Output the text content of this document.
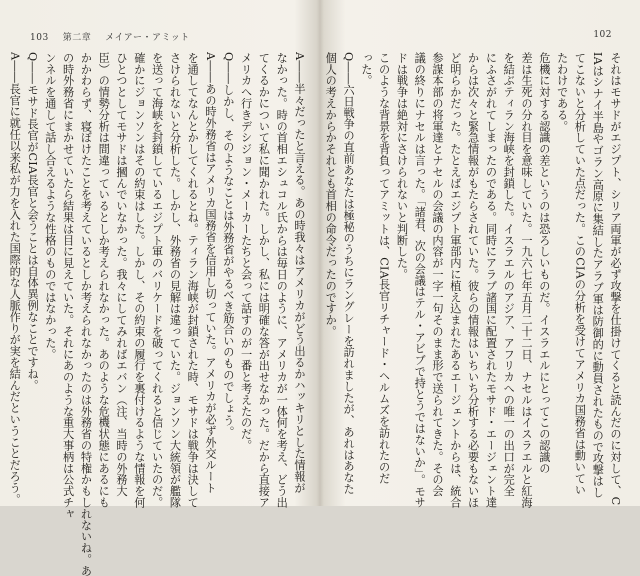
103 第二章 メイアー・アミット
A――半々だったと言える。あの時我々はアメリカがどう出るかハッキリとした情報が
なかった。時の首相エシュコル氏からは毎日のように、アメリカが一体何を考え、どう出
てくるかについて私に聞かれた。しかし、私には明確な答が出せなかった。だから直接ア
メリカへ行きデシジョン・メーカーたちと会って話すのが一番と考えたのだ。
Q――しかし、そのようなことは外務省がやるべき筋合いのものでしょう。
A――あの時外務省はアメリカ国務省を信用し切っていた。アメリカが必ず外交ルート
を通してなんとかしてくれるとね。ティラン海峡が封鎖された時、モサドは戦争は決して
さけられないと分析した。しかし、外務省の見解は違っていた。ジョンソン大統領が艦隊
を送って海峡を封鎖しているエジプト軍のバリケードを破ってくれると信じていたのだ。
確かにジョンソンはその約束はした。しかし、その約束の履行を裏付けるような情報を何
ひとつとしてモサドは摑んでいなかった。我々にしてみればエバン（注、当時の外務大
臣）の情勢分析は間違っているとしか考えられなかった。あのような危機状態にあるにも
かかわらず、寝ぼけたことを考えているとしか考えられなかったのは外務省の特権かもしれないね。あ
の時外務省にまかせていたら結果は目に見えていた。それにあのような重大事柄は公式チャ
ンネルを通して話し合えるような性格のものではなかった。
Q――モサド長官がCIA長官と会うことは自体異例なことですね。
A――長官に就任以来私が力を入れた国際的な人脈作りが実を結んだということだろう。
102
それはモサドがエジプト、シリア両軍が必ず攻撃を仕掛けてくると読んだのに対して、C
IAはシナイ半島やゴラン高原に集結したアラブ軍は防御的に動員されたもので攻撃はし
てこないと分析していた点だった。このCIAの分析を受けてアメリカ国務省は動いてい
たわけである。
危機に対する認識の差というのは恐ろしいものだ。イスラエルにとってこの認識の
差は生死の分れ目を意味していた。一九六七年五月二十二日、ナセルはイスラエルと紅海
を結ぶティラン海峡を封鎖した。イスラエルのアジア、アフリカへの唯一の出口が完全
にふさがれてしまったのである。同時にアラブ諸国に配置されたモサド・エージェント達
からは次々と緊急情報がもたらされていた。彼らの情報はいちいち分析する必要もないほ
ど明らかだった。たとえばエジプト軍部内に植え込まれたあるエージェントからは、統合
参謀本部の将軍達とナセルの会議の内容が一字一句そのまま形で送られてきた。その会
議の終りにナセルは言った。「諸君、次の会議はテル・アビブで持とうではないか」。モサ
ドは戦争は絶対にさけられないと判断した。
このような背景を背負ってアミットは、CIA長官リチャード・ヘルムズを訪れたのだ
った。
Q――六日戦争の直前あなたは極秘のうちにラングレーを訪れましたが、あれはあなた
個人の考えからかそれとも首相の命令だったのですか。
